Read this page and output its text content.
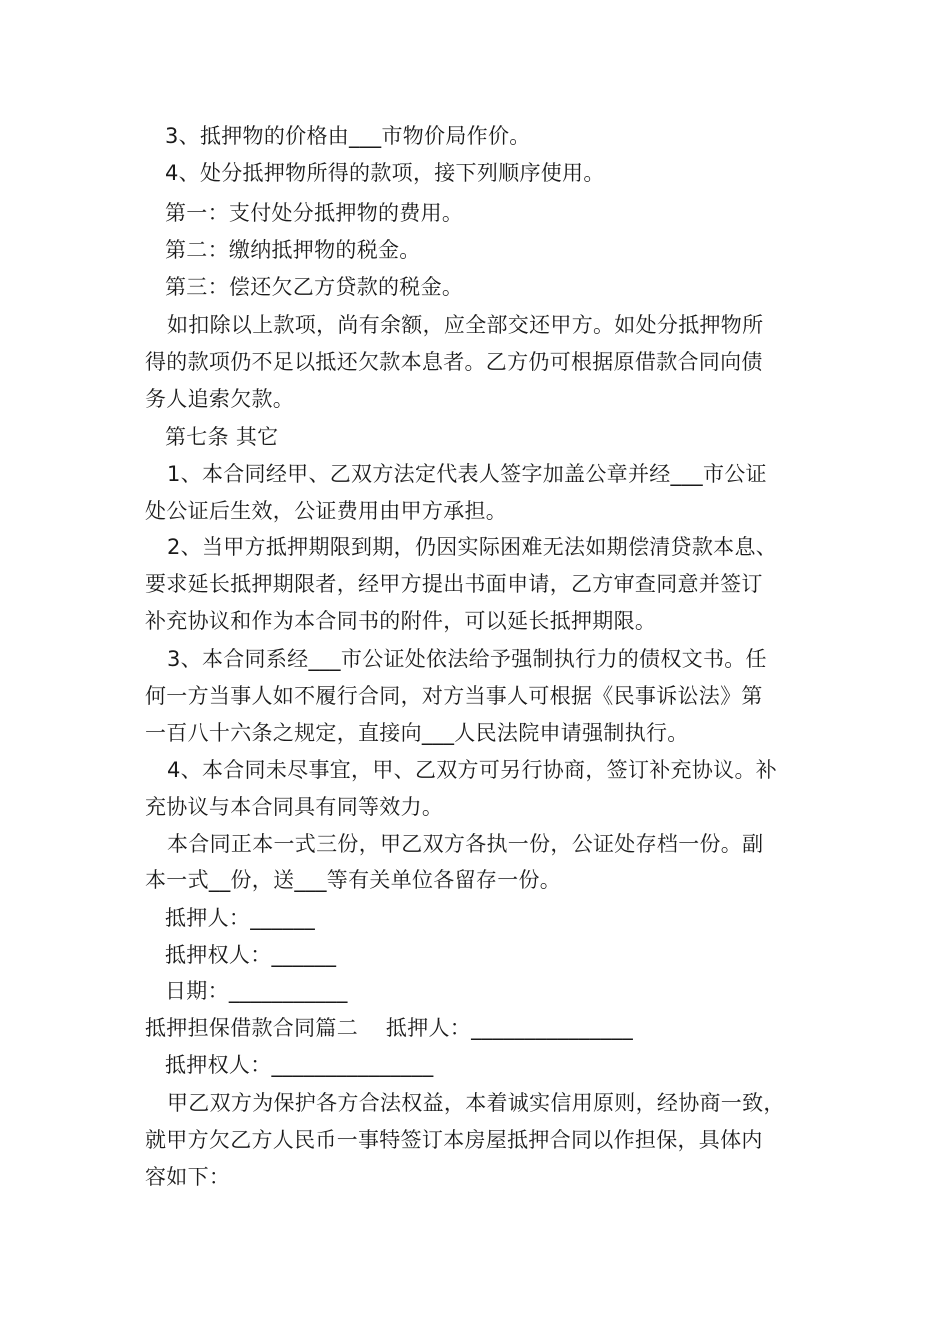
3、抵押物的价格由___市物价局作价。
4、处分抵押物所得的款项，接下列顺序使用。
第一：支付处分抵押物的费用。
第二：缴纳抵押物的税金。
第三：偿还欠乙方贷款的税金。
如扣除以上款项，尚有余额，应全部交还甲方。如处分抵押物所
得的款项仍不足以抵还欠款本息者。乙方仍可根据原借款合同向债
务人追索欠款。
第七条 其它
1、本合同经甲、乙双方法定代表人签字加盖公章并经___市公证
处公证后生效，公证费用由甲方承担。
2、当甲方抵押期限到期，仍因实际困难无法如期偿清贷款本息、
要求延长抵押期限者，经甲方提出书面申请，乙方审查同意并签订
补充协议和作为本合同书的附件，可以延长抵押期限。
3、本合同系经___市公证处依法给予强制执行力的债权文书。任
何一方当事人如不履行合同，对方当事人可根据《民事诉讼法》第
一百八十六条之规定，直接向___人民法院申请强制执行。
4、本合同未尽事宜，甲、乙双方可另行协商，签订补充协议。补
充协议与本合同具有同等效力。
本合同正本一式三份，甲乙双方各执一份，公证处存档一份。副
本一式__份，送___等有关单位各留存一份。
抵押人：______
抵押权人：______
日期：___________
抵押担保借款合同篇二    抵押人：_______________
抵押权人：_______________
甲乙双方为保护各方合法权益，本着诚实信用原则，经协商一致，
就甲方欠乙方人民币一事特签订本房屋抵押合同以作担保，具体内
容如下：
